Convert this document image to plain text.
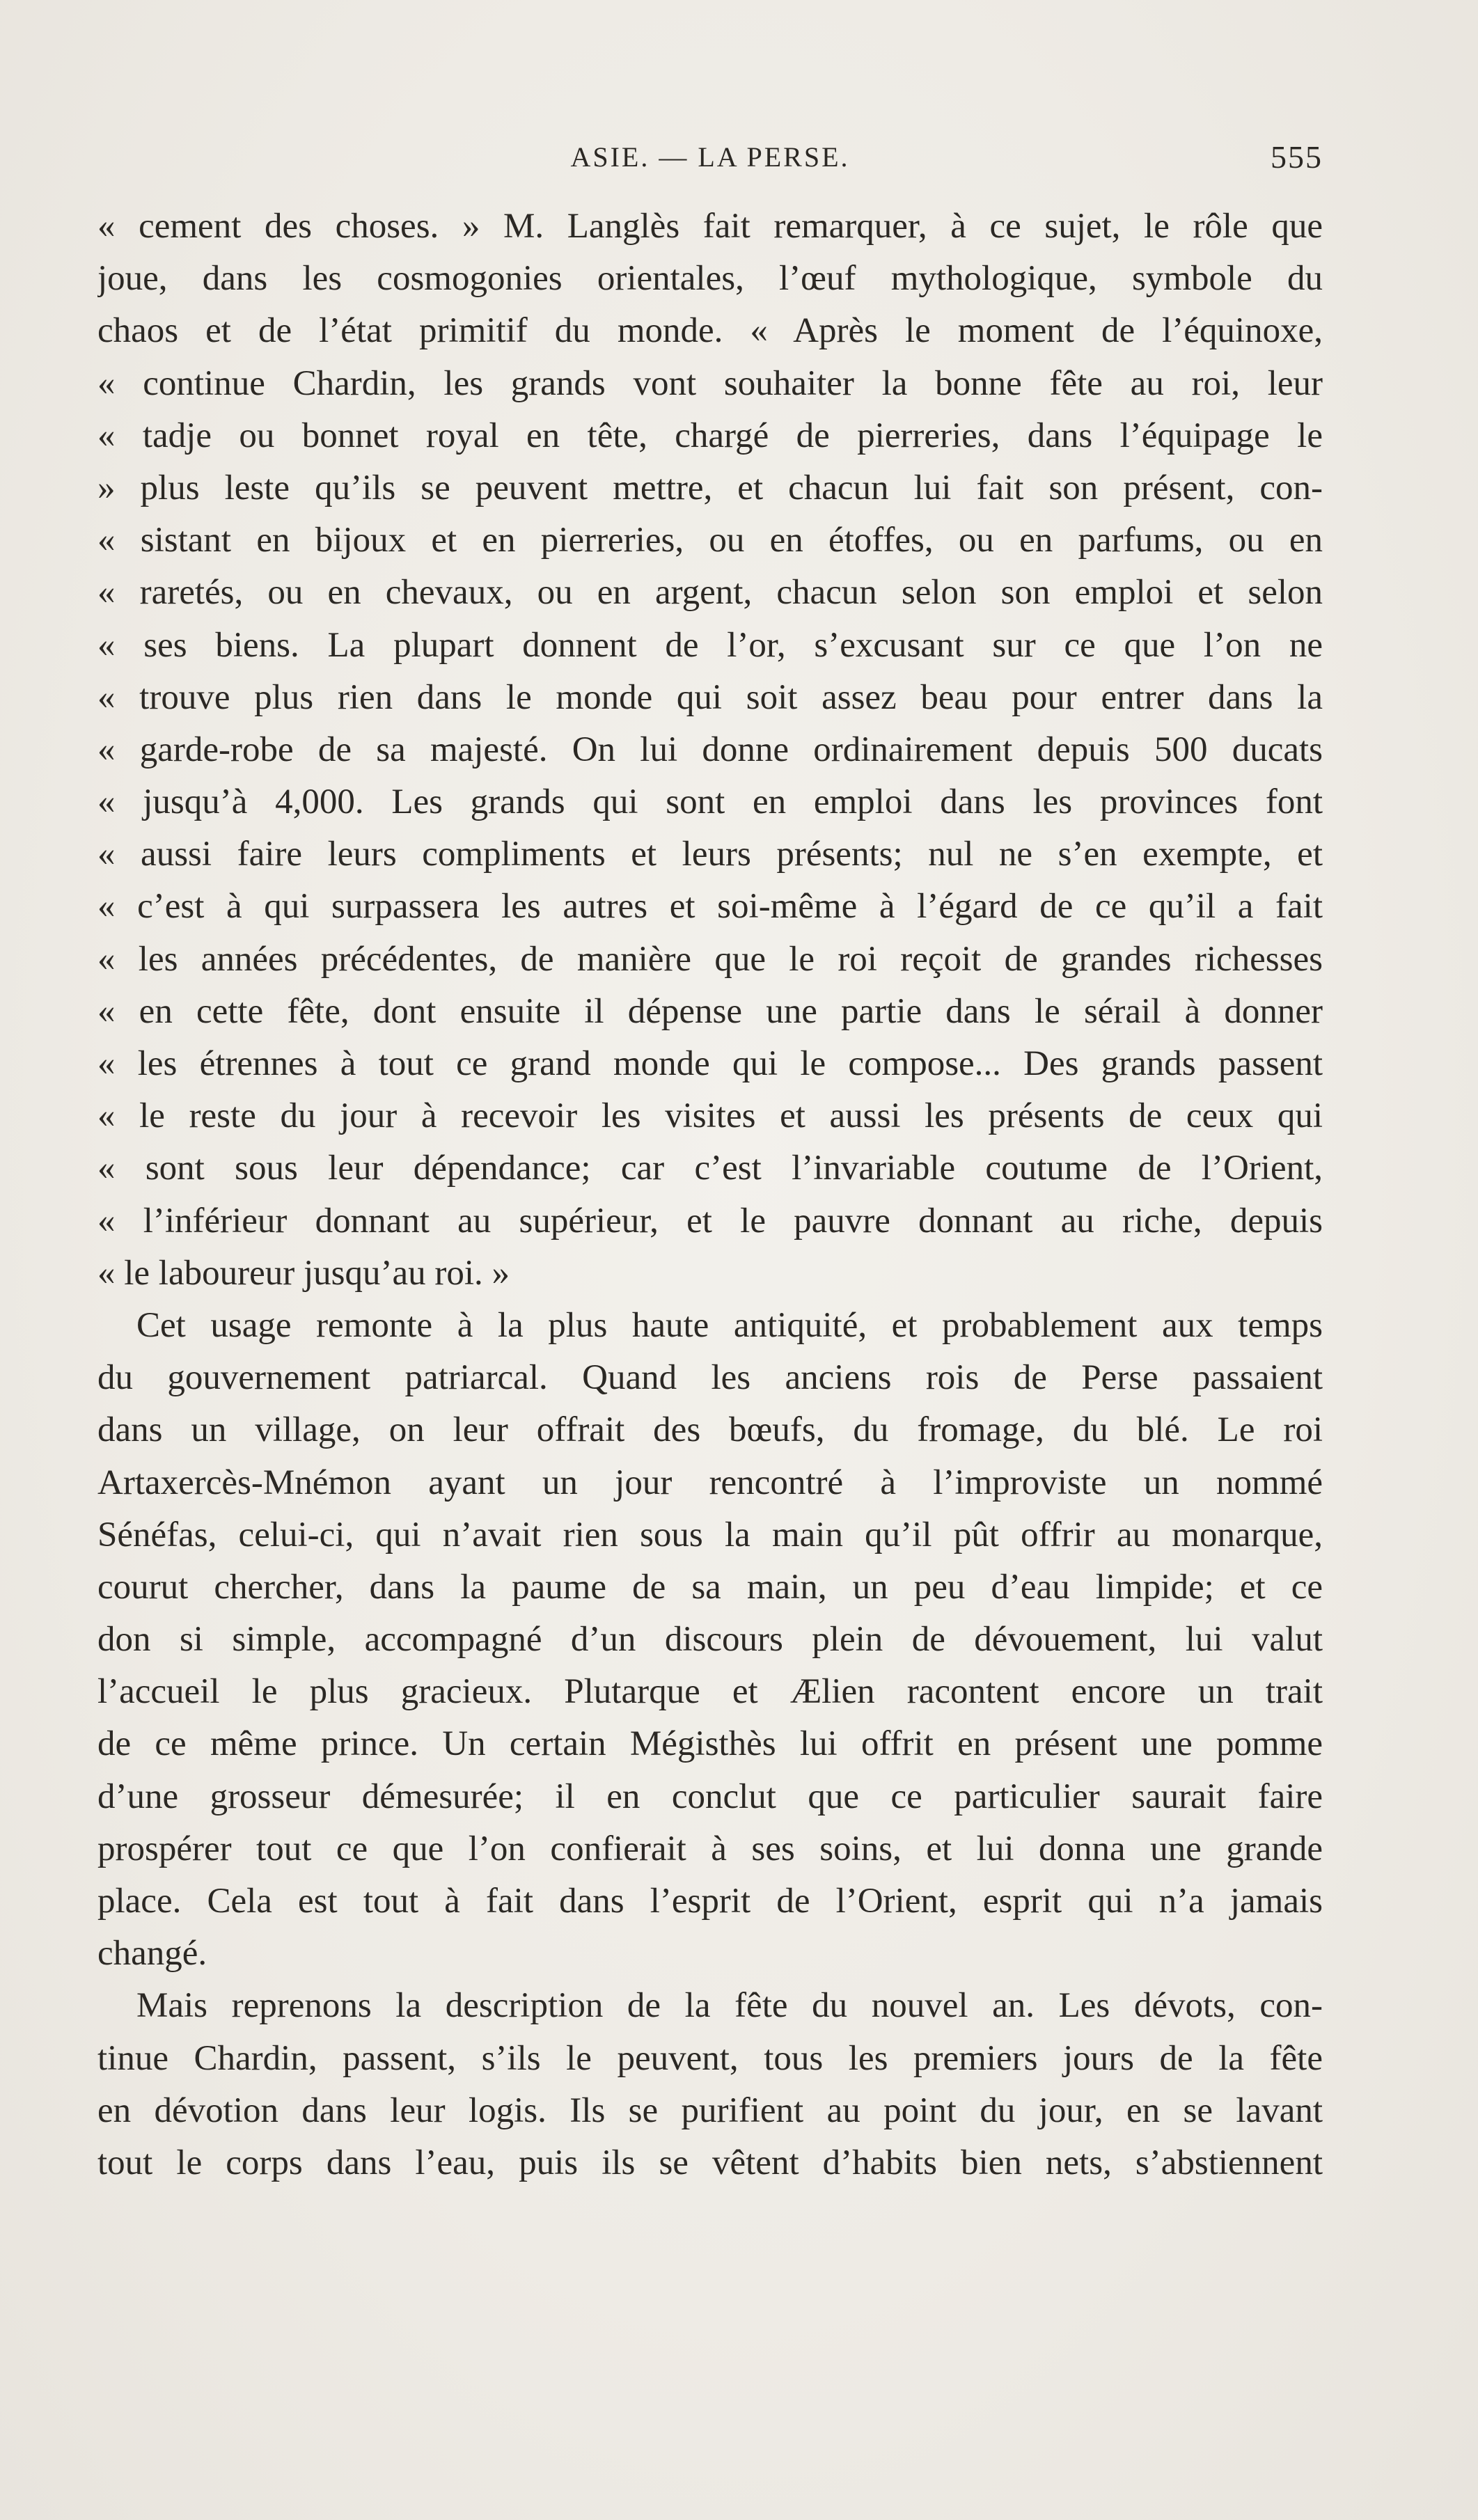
ASIE. — LA PERSE.	555
« cement des choses. » M. Langlès fait remarquer, à ce sujet, le rôle que
joue, dans les cosmogonies orientales, l’œuf mythologique, symbole du
chaos et de l’état primitif du monde. « Après le moment de l’équinoxe,
« continue Chardin, les grands vont souhaiter la bonne fête au roi, leur
« tadje ou bonnet royal en tête, chargé de pierreries, dans l’équipage le
» plus leste qu’ils se peuvent mettre, et chacun lui fait son présent, con-
« sistant en bijoux et en pierreries, ou en étoffes, ou en parfums, ou en
« raretés, ou en chevaux, ou en argent, chacun selon son emploi et selon
« ses biens. La plupart donnent de l’or, s’excusant sur ce que l’on ne
« trouve plus rien dans le monde qui soit assez beau pour entrer dans la
« garde-robe de sa majesté. On lui donne ordinairement depuis 500 ducats
« jusqu’à 4,000. Les grands qui sont en emploi dans les provinces font
« aussi faire leurs compliments et leurs présents; nul ne s’en exempte, et
« c’est à qui surpassera les autres et soi-même à l’égard de ce qu’il a fait
« les années précédentes, de manière que le roi reçoit de grandes richesses
« en cette fête, dont ensuite il dépense une partie dans le sérail à donner
« les étrennes à tout ce grand monde qui le compose... Des grands passent
« le reste du jour à recevoir les visites et aussi les présents de ceux qui
« sont sous leur dépendance; car c’est l’invariable coutume de l’Orient,
« l’inférieur donnant au supérieur, et le pauvre donnant au riche, depuis
« le laboureur jusqu’au roi. »
Cet usage remonte à la plus haute antiquité, et probablement aux temps
du gouvernement patriarcal. Quand les anciens rois de Perse passaient
dans un village, on leur offrait des bœufs, du fromage, du blé. Le roi
Artaxercès-Mnémon ayant un jour rencontré à l’improviste un nommé
Sénéfas, celui-ci, qui n’avait rien sous la main qu’il pût offrir au monarque,
courut chercher, dans la paume de sa main, un peu d’eau limpide; et ce
don si simple, accompagné d’un discours plein de dévouement, lui valut
l’accueil le plus gracieux. Plutarque et Ælien racontent encore un trait
de ce même prince. Un certain Mégisthès lui offrit en présent une pomme
d’une grosseur démesurée; il en conclut que ce particulier saurait faire
prospérer tout ce que l’on confierait à ses soins, et lui donna une grande
place. Cela est tout à fait dans l’esprit de l’Orient, esprit qui n’a jamais
changé.
Mais reprenons la description de la fête du nouvel an. Les dévots, con-
tinue Chardin, passent, s’ils le peuvent, tous les premiers jours de la fête
en dévotion dans leur logis. Ils se purifient au point du jour, en se lavant
tout le corps dans l’eau, puis ils se vêtent d’habits bien nets, s’abstiennent
